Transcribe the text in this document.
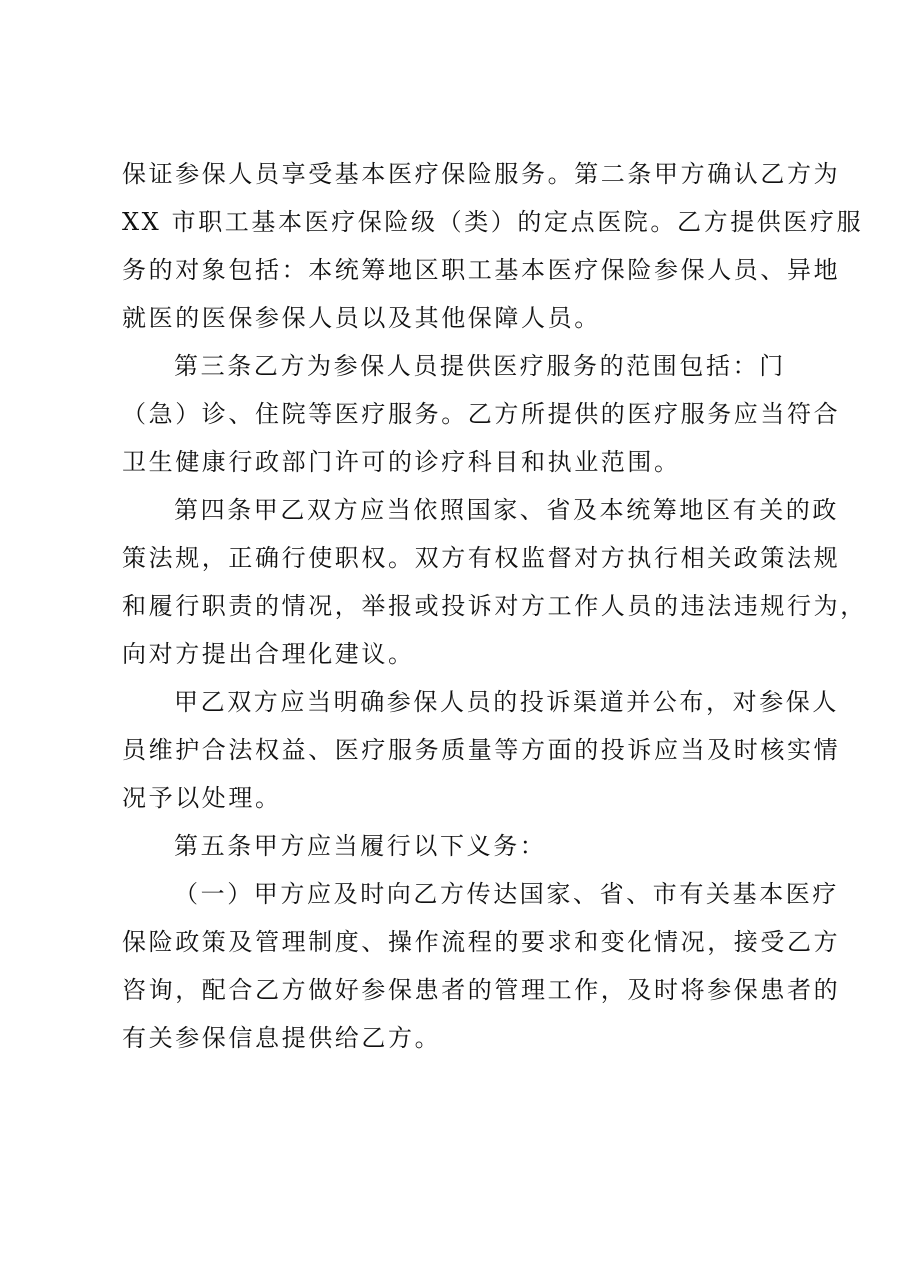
保证参保人员享受基本医疗保险服务。第二条甲方确认乙方为
XX 市职工基本医疗保险级（类）的定点医院。乙方提供医疗服
务的对象包括：本统筹地区职工基本医疗保险参保人员、异地
就医的医保参保人员以及其他保障人员。
第三条乙方为参保人员提供医疗服务的范围包括：门
（急）诊、住院等医疗服务。乙方所提供的医疗服务应当符合
卫生健康行政部门许可的诊疗科目和执业范围。
第四条甲乙双方应当依照国家、省及本统筹地区有关的政
策法规，正确行使职权。双方有权监督对方执行相关政策法规
和履行职责的情况，举报或投诉对方工作人员的违法违规行为，
向对方提出合理化建议。
甲乙双方应当明确参保人员的投诉渠道并公布，对参保人
员维护合法权益、医疗服务质量等方面的投诉应当及时核实情
况予以处理。
第五条甲方应当履行以下义务：
（一）甲方应及时向乙方传达国家、省、市有关基本医疗
保险政策及管理制度、操作流程的要求和变化情况，接受乙方
咨询，配合乙方做好参保患者的管理工作，及时将参保患者的
有关参保信息提供给乙方。
